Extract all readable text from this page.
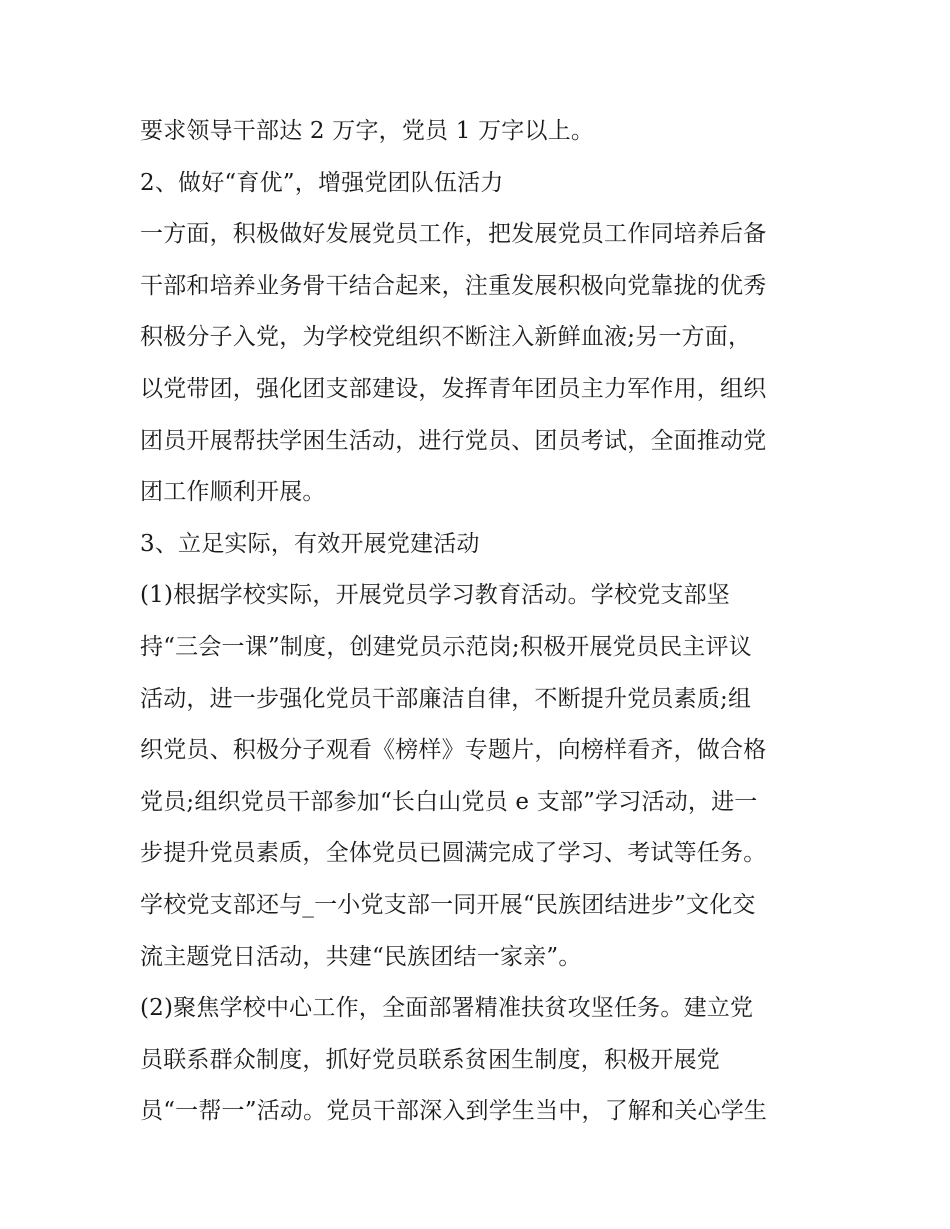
要求领导干部达 2 万字，党员 1 万字以上。
2、做好“育优”，增强党团队伍活力
一方面，积极做好发展党员工作，把发展党员工作同培养后备
干部和培养业务骨干结合起来，注重发展积极向党靠拢的优秀
积极分子入党，为学校党组织不断注入新鲜血液;另一方面，
以党带团，强化团支部建设，发挥青年团员主力军作用，组织
团员开展帮扶学困生活动，进行党员、团员考试，全面推动党
团工作顺利开展。
3、立足实际，有效开展党建活动
(1)根据学校实际，开展党员学习教育活动。学校党支部坚
持“三会一课”制度，创建党员示范岗;积极开展党员民主评议
活动，进一步强化党员干部廉洁自律，不断提升党员素质;组
织党员、积极分子观看《榜样》专题片，向榜样看齐，做合格
党员;组织党员干部参加“长白山党员 e 支部”学习活动，进一
步提升党员素质，全体党员已圆满完成了学习、考试等任务。
学校党支部还与_一小党支部一同开展“民族团结进步”文化交
流主题党日活动，共建“民族团结一家亲”。
(2)聚焦学校中心工作，全面部署精准扶贫攻坚任务。建立党
员联系群众制度，抓好党员联系贫困生制度，积极开展党
员“一帮一”活动。党员干部深入到学生当中，了解和关心学生
